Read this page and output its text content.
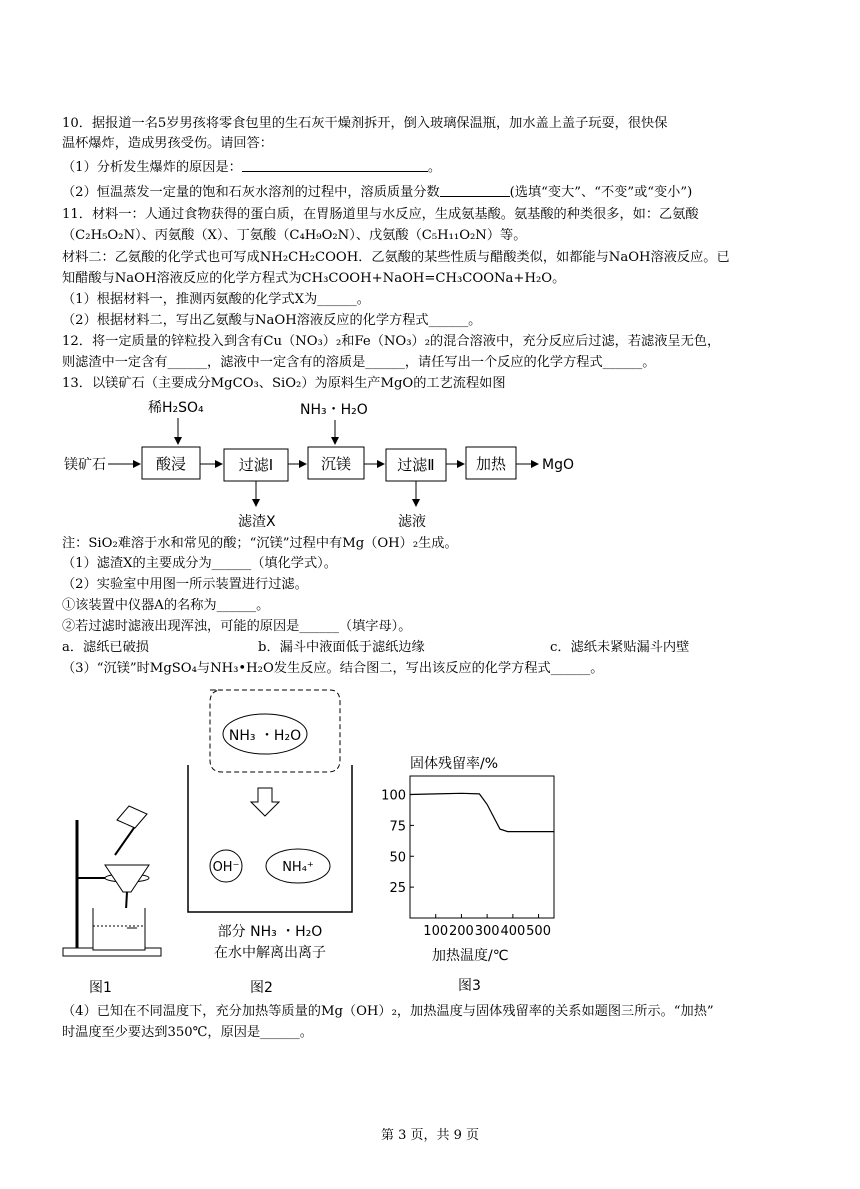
10．据报道一名5岁男孩将零食包里的生石灰干燥剂拆开，倒入玻璃保温瓶，加水盖上盖子玩耍，很快保
温杯爆炸，造成男孩受伤。请回答：
（1）分析发生爆炸的原因是：	。
（2）恒温蒸发一定量的饱和石灰水溶剂的过程中，溶质质量分数	(选填“变大”、“不变”或“变小”)
11．材料一：人通过食物获得的蛋白质，在胃肠道里与水反应，生成氨基酸。氨基酸的种类很多，如：乙氨酸
（C₂H₅O₂N）、丙氨酸（X）、丁氨酸（C₄H₉O₂N）、戊氨酸（C₅H₁₁O₂N）等。
材料二：乙氨酸的化学式也可写成NH₂CH₂COOH．乙氨酸的某些性质与醋酸类似，如都能与NaOH溶液反应。已
知醋酸与NaOH溶液反应的化学方程式为CH₃COOH+NaOH=CH₃COONa+H₂O。
（1）根据材料一，推测丙氨酸的化学式X为______。
（2）根据材料二，写出乙氨酸与NaOH溶液反应的化学方程式______。
12．将一定质量的锌粒投入到含有Cu（NO₃）₂和Fe（NO₃）₂的混合溶液中，充分反应后过滤，若滤液呈无色，
则滤渣中一定含有______，滤液中一定含有的溶质是______，请任写出一个反应的化学方程式______。
13．以镁矿石（主要成分MgCO₃、SiO₂）为原料生产MgO的工艺流程如图
稀H₂SO₄	NH₃・H₂O
镁矿石	酸浸	过滤Ⅰ	沉镁	过滤Ⅱ	加热	MgO
滤渣X	滤液
注：SiO₂难溶于水和常见的酸；“沉镁”过程中有Mg（OH）₂生成。
（1）滤渣X的主要成分为______（填化学式）。
（2）实验室中用图一所示装置进行过滤。
①该装置中仪器A的名称为______。
②若过滤时滤液出现浑浊，可能的原因是______（填字母）。
a．滤纸已破损	b．漏斗中液面低于滤纸边缘	c．滤纸未紧贴漏斗内壁
（3）“沉镁”时MgSO₄与NH₃•H₂O发生反应。结合图二，写出该反应的化学方程式______。
图1
NH₃ ・H₂O
OH⁻	NH₄⁺
部分 NH₃ ・H₂O
在水中解离出离子
图2
固体残留率/%
25
50
75
100
100 200 300 400 500
加热温度/℃
图3
（4）已知在不同温度下，充分加热等质量的Mg（OH）₂，加热温度与固体残留率的关系如题图三所示。“加热”
时温度至少要达到350℃，原因是______。
第 3 页，共 9 页
